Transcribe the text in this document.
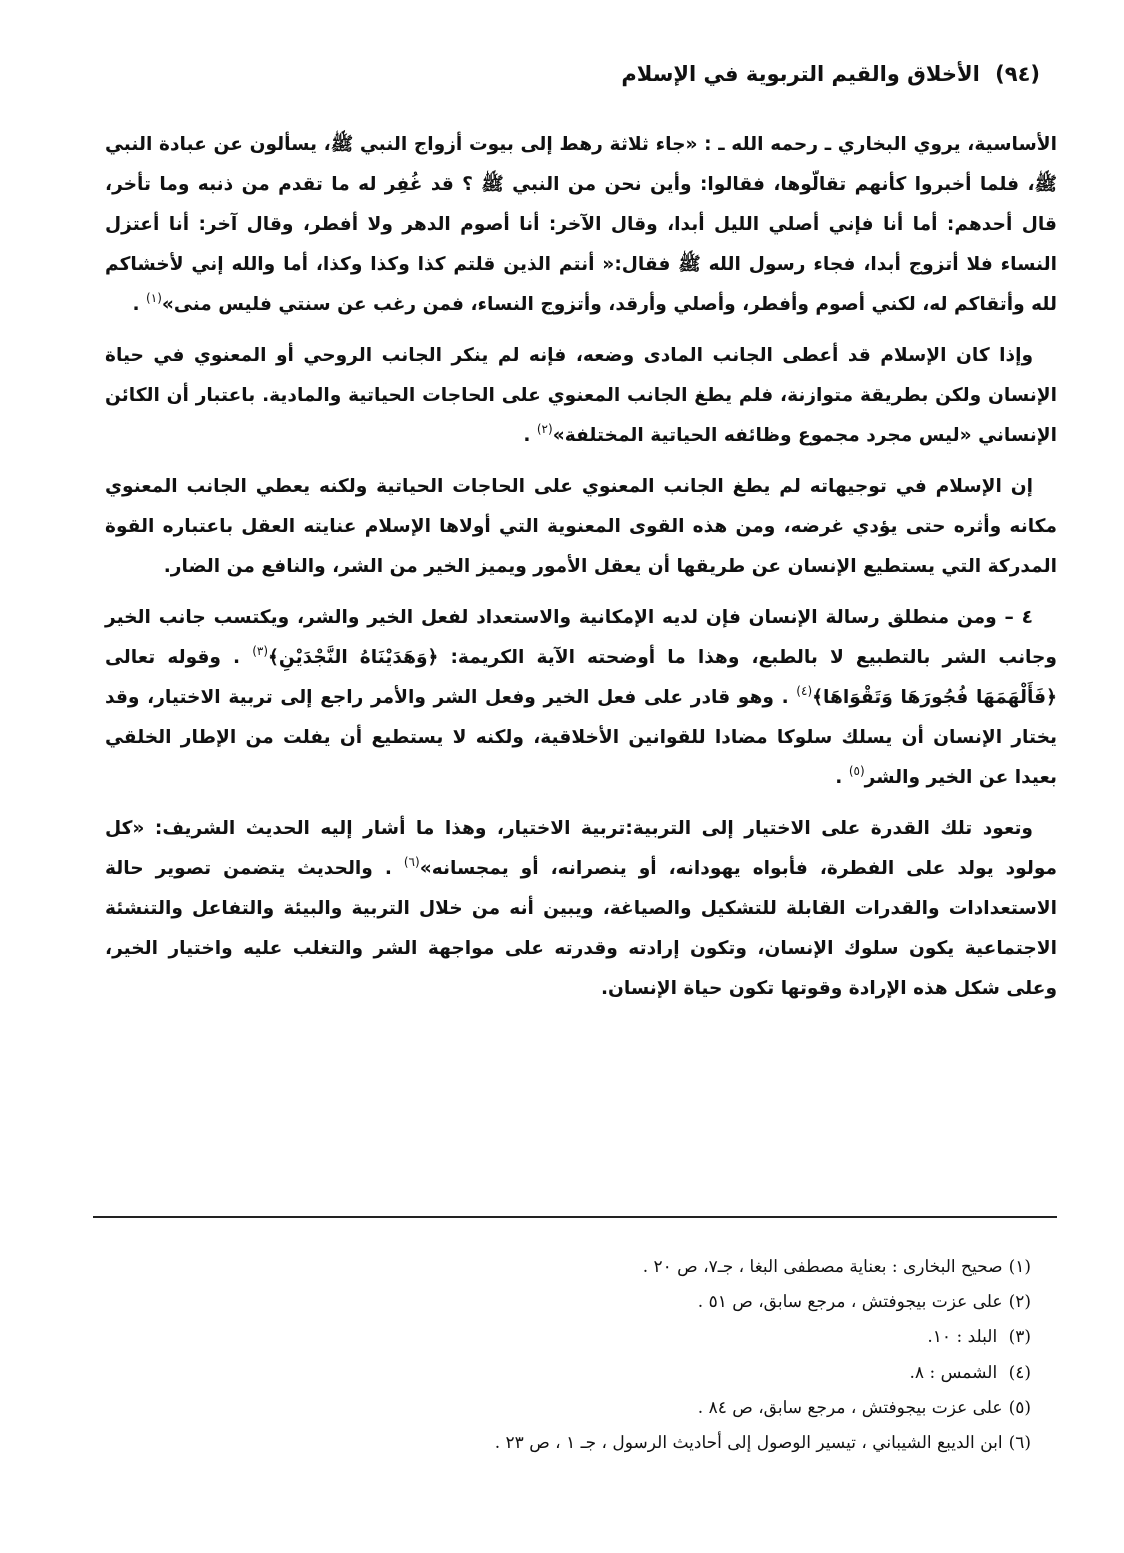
(٩٤) الأخلاق والقيم التربوية في الإسلام

الأساسية، يروي البخاري ـ رحمه الله ـ : «جاء ثلاثة رهط إلى بيوت أزواج النبي ﷺ، يسألون عن عبادة النبي ﷺ، فلما أخبروا كأنهم تقالّوها، فقالوا: وأين نحن من النبي ﷺ ؟ قد غُفِر له ما تقدم من ذنبه وما تأخر، قال أحدهم: أما أنا فإني أصلي الليل أبدا، وقال الآخر: أنا أصوم الدهر ولا أفطر، وقال آخر: أنا أعتزل النساء فلا أتزوج أبدا، فجاء رسول الله ﷺ فقال:« أنتم الذين قلتم كذا وكذا وكذا، أما والله إني لأخشاكم لله وأتقاكم له، لكني أصوم وأفطر، وأصلي وأرقد، وأتزوج النساء، فمن رغب عن سنتي فليس منى»$^{(١)}$ .

وإذا كان الإسلام قد أعطى الجانب المادى وضعه، فإنه لم ينكر الجانب الروحي أو المعنوي في حياة الإنسان ولكن بطريقة متوازنة، فلم يطغ الجانب المعنوي على الحاجات الحياتية والمادية. باعتبار أن الكائن الإنساني «ليس مجرد مجموع وظائفه الحياتية المختلفة»$^{(٢)}$ .

إن الإسلام في توجيهاته لم يطغ الجانب المعنوي على الحاجات الحياتية ولكنه يعطي الجانب المعنوي مكانه وأثره حتى يؤدي غرضه، ومن هذه القوى المعنوية التي أولاها الإسلام عنايته العقل باعتباره القوة المدركة التي يستطيع الإنسان عن طريقها أن يعقل الأمور ويميز الخير من الشر، والنافع من الضار.

٤ – ومن منطلق رسالة الإنسان فإن لديه الإمكانية والاستعداد لفعل الخير والشر، ويكتسب جانب الخير وجانب الشر بالتطبيع لا بالطبع، وهذا ما أوضحته الآية الكريمة: ﴿وَهَدَيْنَاهُ النَّجْدَيْنِ﴾$^{(٣)}$ . وقوله تعالى ﴿فَأَلْهَمَهَا فُجُورَهَا وَتَقْوَاهَا﴾$^{(٤)}$ . وهو قادر على فعل الخير وفعل الشر والأمر راجع إلى تربية الاختيار، وقد يختار الإنسان أن يسلك سلوكا مضادا للقوانين الأخلاقية، ولكنه لا يستطيع أن يفلت من الإطار الخلقي بعيدا عن الخير والشر$^{(٥)}$ .

وتعود تلك القدرة على الاختيار إلى التربية:تربية الاختيار، وهذا ما أشار إليه الحديث الشريف: «كل مولود يولد على الفطرة، فأبواه يهودانه، أو ينصرانه، أو يمجسانه»$^{(٦)}$ . والحديث يتضمن تصوير حالة الاستعدادات والقدرات القابلة للتشكيل والصياغة، ويبين أنه من خلال التربية والبيئة والتفاعل والتنشئة الاجتماعية يكون سلوك الإنسان، وتكون إرادته وقدرته على مواجهة الشر والتغلب عليه واختيار الخير، وعلى شكل هذه الإرادة وقوتها تكون حياة الإنسان.

(١)صحيح البخارى : بعناية مصطفى البغا ، جـ٧، ص ٢٠ .
(٢)على عزت بيجوفتش ، مرجع سابق، ص ٥١ .
(٣) البلد : ١٠.
(٤) الشمس : ٨.
(٥)على عزت بيجوفتش ، مرجع سابق، ص ٨٤ .
(٦)ابن الديبع الشيباني ، تيسير الوصول إلى أحاديث الرسول ، جـ ١ ، ص ٢٣ .
